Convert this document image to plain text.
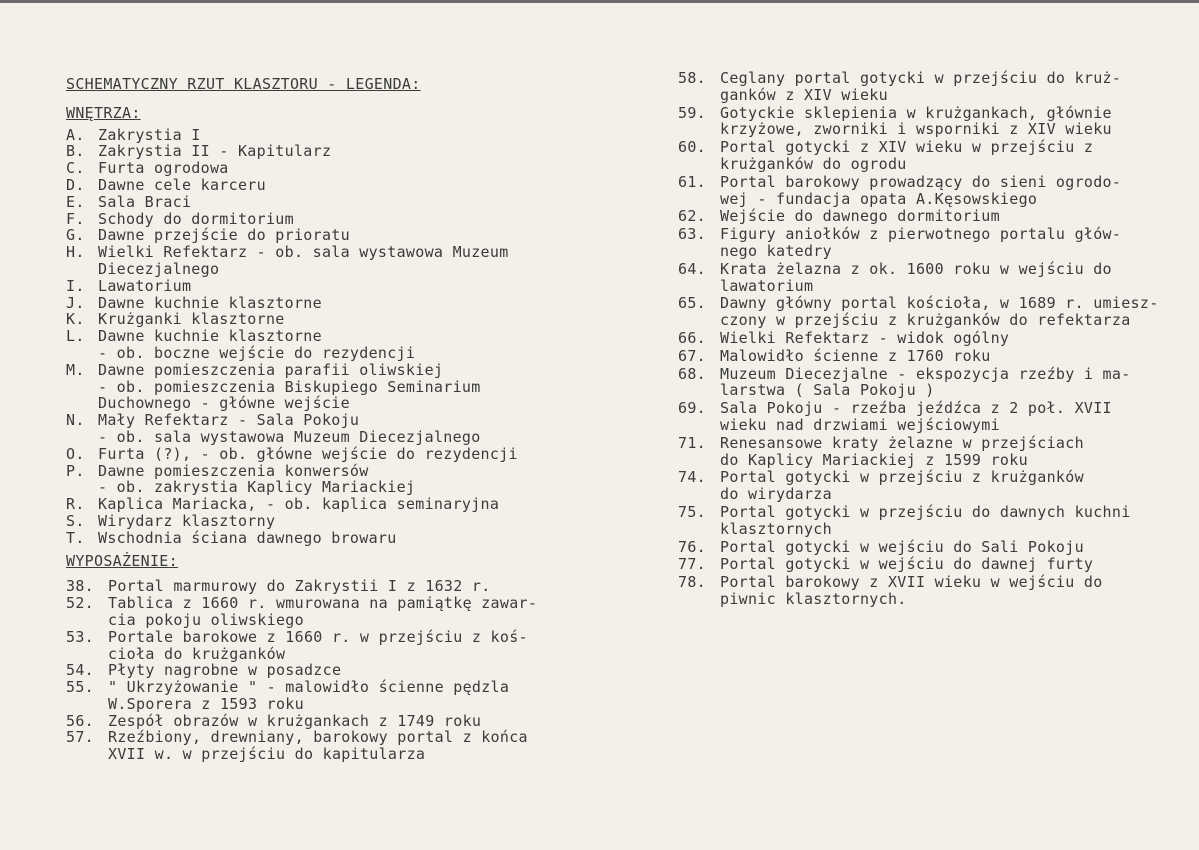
SCHEMATYCZNY RZUT KLASZTORU - LEGENDA:
WNĘTRZA:
A. Zakrystia I
B. Zakrystia II - Kapitularz
C. Furta ogrodowa
D. Dawne cele karceru
E. Sala Braci
F. Schody do dormitorium
G. Dawne przejście do prioratu
H. Wielki Refektarz - ob. sala wystawowa Muzeum
Diecezjalnego
I. Lawatorium
J. Dawne kuchnie klasztorne
K. Krużganki klasztorne
L. Dawne kuchnie klasztorne
- ob. boczne wejście do rezydencji
M. Dawne pomieszczenia parafii oliwskiej
- ob. pomieszczenia Biskupiego Seminarium
Duchownego - główne wejście
N. Mały Refektarz - Sala Pokoju
- ob. sala wystawowa Muzeum Diecezjalnego
O. Furta (?), - ob. główne wejście do rezydencji
P. Dawne pomieszczenia konwersów
- ob. zakrystia Kaplicy Mariackiej
R. Kaplica Mariacka, - ob. kaplica seminaryjna
S. Wirydarz klasztorny
T. Wschodnia ściana dawnego browaru
WYPOSAŻENIE:
38. Portal marmurowy do Zakrystii I z 1632 r.
52. Tablica z 1660 r. wmurowana na pamiątkę zawar-
cia pokoju oliwskiego
53. Portale barokowe z 1660 r. w przejściu z koś-
cioła do krużganków
54. Płyty nagrobne w posadzce
55. " Ukrzyżowanie " - malowidło ścienne pędzla
W.Sporera z 1593 roku
56. Zespół obrazów w krużgankach z 1749 roku
57. Rzeźbiony, drewniany, barokowy portal z końca
XVII w. w przejściu do kapitularza
58. Ceglany portal gotycki w przejściu do kruż-
ganków z XIV wieku
59. Gotyckie sklepienia w krużgankach, głównie
krzyżowe, zworniki i wsporniki z XIV wieku
60. Portal gotycki z XIV wieku w przejściu z
krużganków do ogrodu
61. Portal barokowy prowadzący do sieni ogrodo-
wej - fundacja opata A.Kęsowskiego
62. Wejście do dawnego dormitorium
63. Figury aniołków z pierwotnego portalu głów-
nego katedry
64. Krata żelazna z ok. 1600 roku w wejściu do
lawatorium
65. Dawny główny portal kościoła, w 1689 r. umiesz-
czony w przejściu z krużganków do refektarza
66. Wielki Refektarz - widok ogólny
67. Malowidło ścienne z 1760 roku
68. Muzeum Diecezjalne - ekspozycja rzeźby i ma-
larstwa ( Sala Pokoju )
69. Sala Pokoju - rzeźba jeźdźca z 2 poł. XVII
wieku nad drzwiami wejściowymi
71. Renesansowe kraty żelazne w przejściach
do Kaplicy Mariackiej z 1599 roku
74. Portal gotycki w przejściu z krużganków
do wirydarza
75. Portal gotycki w przejściu do dawnych kuchni
klasztornych
76. Portal gotycki w wejściu do Sali Pokoju
77. Portal gotycki w wejściu do dawnej furty
78. Portal barokowy z XVII wieku w wejściu do
piwnic klasztornych.
